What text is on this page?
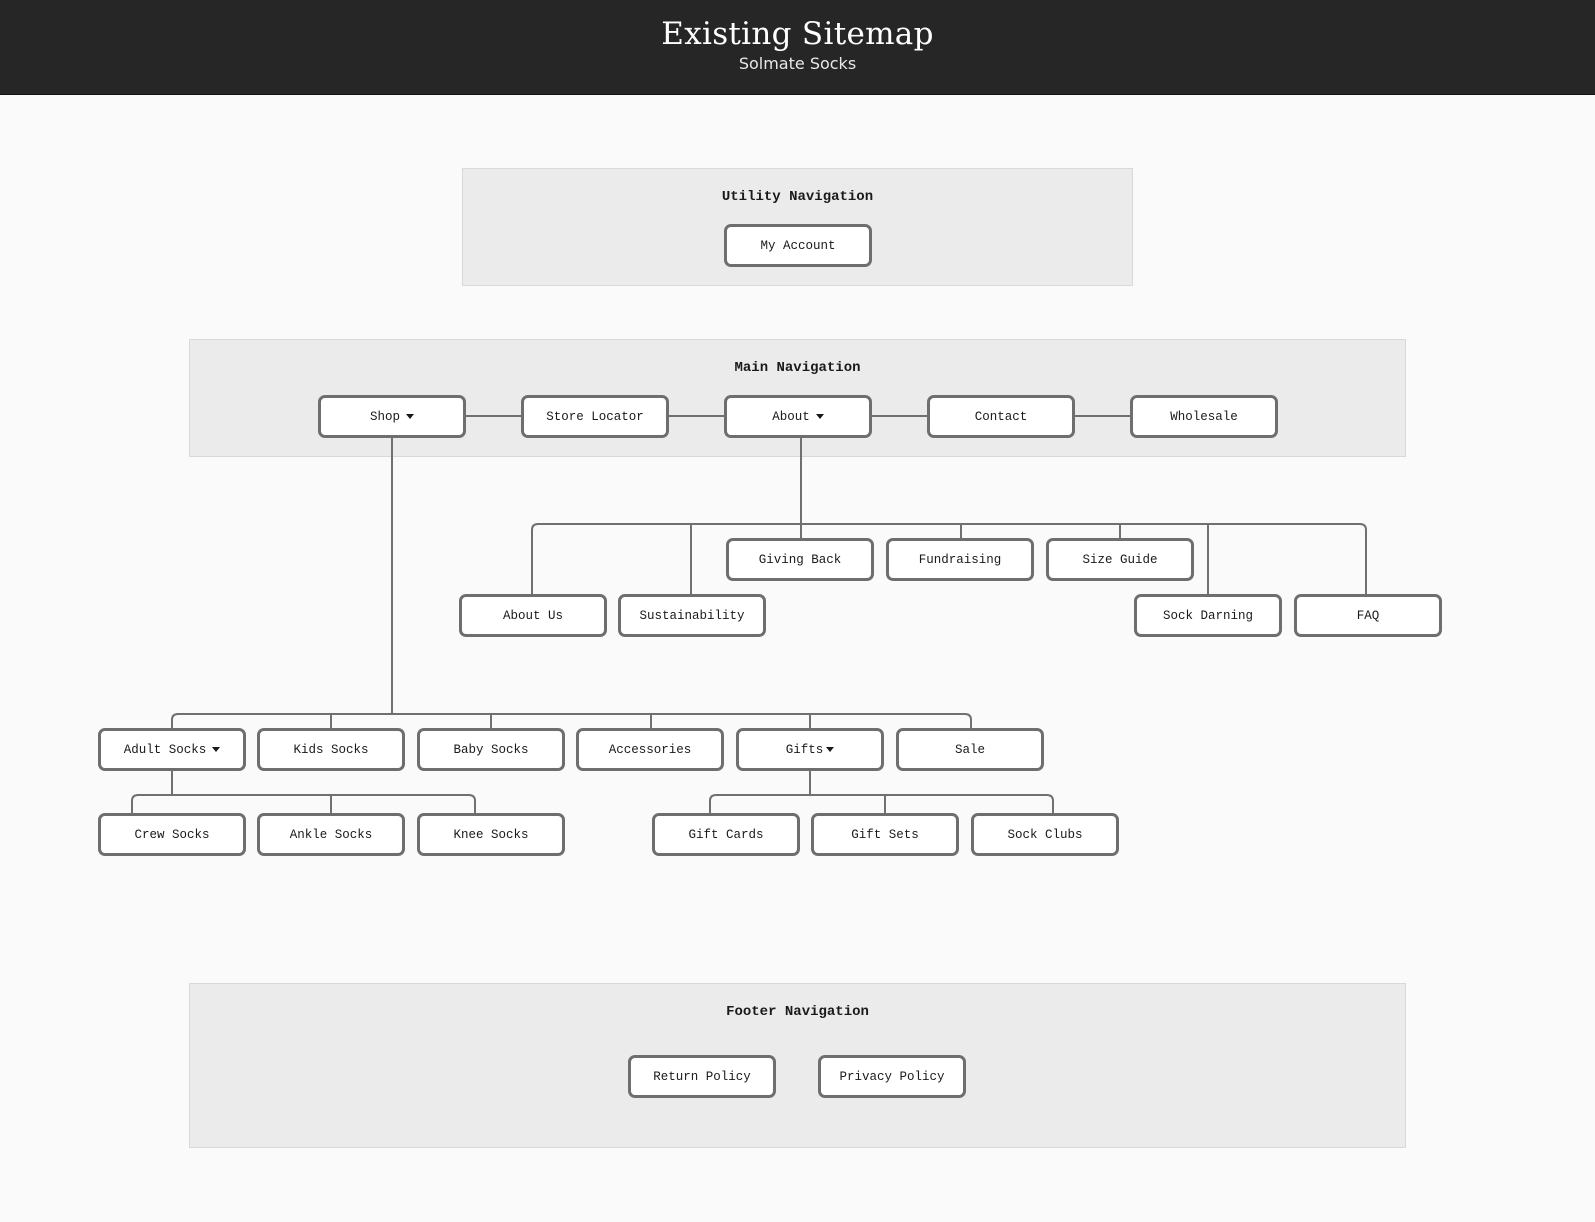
Existing Sitemap
Solmate Socks
Utility Navigation
Main Navigation
Footer Navigation
My Account
Shop	Store Locator	About	Contact	Wholesale
About Us	Sustainability
Giving Back	Fundraising	Size Guide
Sock Darning	FAQ
Adult Socks	Kids Socks	Baby Socks	Accessories	Gifts	Sale
Crew Socks	Ankle Socks	Knee Socks	Gift Cards	Gift Sets	Sock Clubs
Return Policy	Privacy Policy
